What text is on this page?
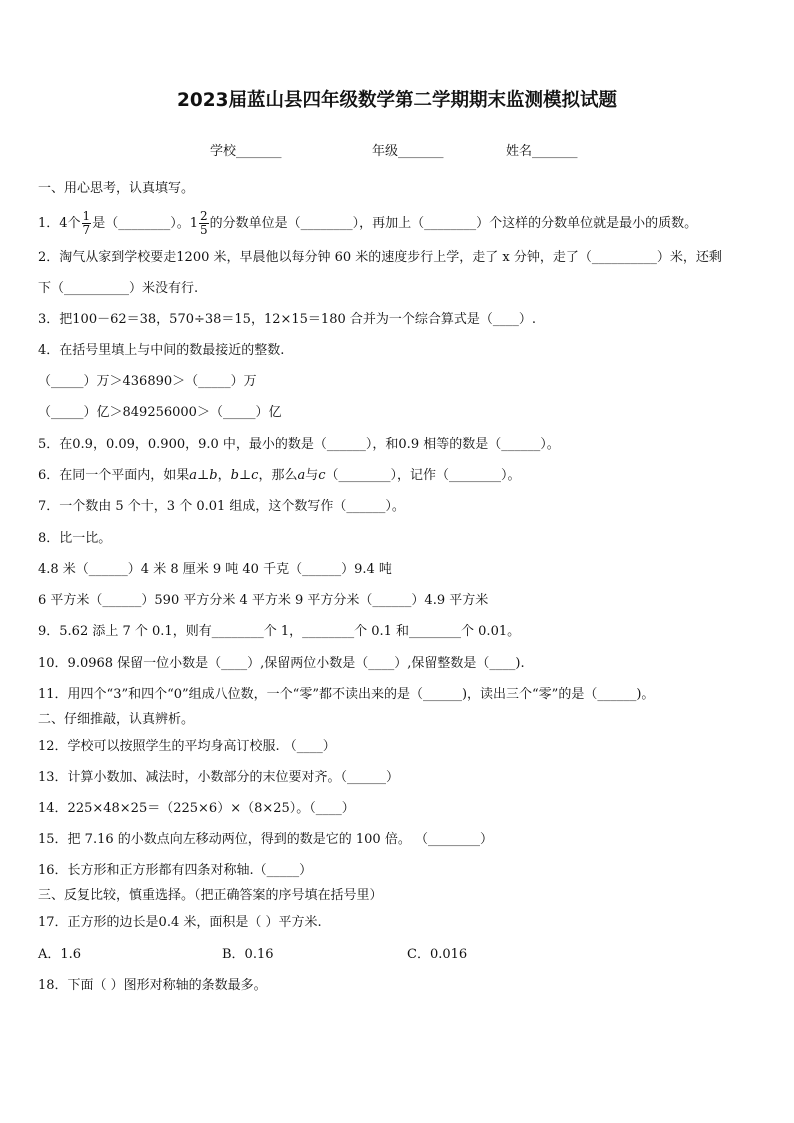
2023届蓝山县四年级数学第二学期期末监测模拟试题
学校_______	年级_______	姓名_______
一、用心思考，认真填写。
1．4个 $\frac{1}{7}$ 是（________）。$1 \frac{2}{5}$ 的分数单位是（________），再加上（________）个这样的分数单位就是最小的质数。
2．淘气从家到学校要走1200 米，早晨他以每分钟 60 米的速度步行上学，走了 x 分钟，走了（__________）米，还剩
下（__________）米没有行.
3．把100－62＝38，570÷38＝15，12×15＝180 合并为一个综合算式是（____）.
4．在括号里填上与中间的数最接近的整数.
（_____）万＞436890＞（_____）万
（_____）亿＞849256000＞（_____）亿
5．在0.9，0.09，0.900，9.0 中，最小的数是（______），和0.9 相等的数是（______）。
6．在同一个平面内，如果a⊥b，b⊥c，那么a与c（________），记作（________）。
7．一个数由 5 个十，3 个 0.01 组成，这个数写作（______）。
8．比一比。
4.8 米（______）4 米 8 厘米 9 吨 40 千克（______）9.4 吨
6 平方米（______）590 平方分米 4 平方米 9 平方分米（______）4.9 平方米
9．5.62 添上 7 个 0.1，则有________个 1，________个 0.1 和________个 0.01。
10．9.0968 保留一位小数是（____）,保留两位小数是（____）,保留整数是（____).
11．用四个“3”和四个“0”组成八位数，一个“零”都不读出来的是（______)，读出三个“零”的是（______)。
二、仔细推敲，认真辨析。
12．学校可以按照学生的平均身高订校服. （____）
13．计算小数加、减法时，小数部分的末位要对齐。（______）
14．225×48×25＝（225×6）×（8×25）。（____）
15．把 7.16 的小数点向左移动两位，得到的数是它的 100 倍。 （________）
16．长方形和正方形都有四条对称轴.（_____）
三、反复比较，慎重选择。（把正确答案的序号填在括号里）
17．正方形的边长是0.4 米，面积是（ ）平方米.
A．1.6	B．0.16	C．0.016
18．下面（ ）图形对称轴的条数最多。
